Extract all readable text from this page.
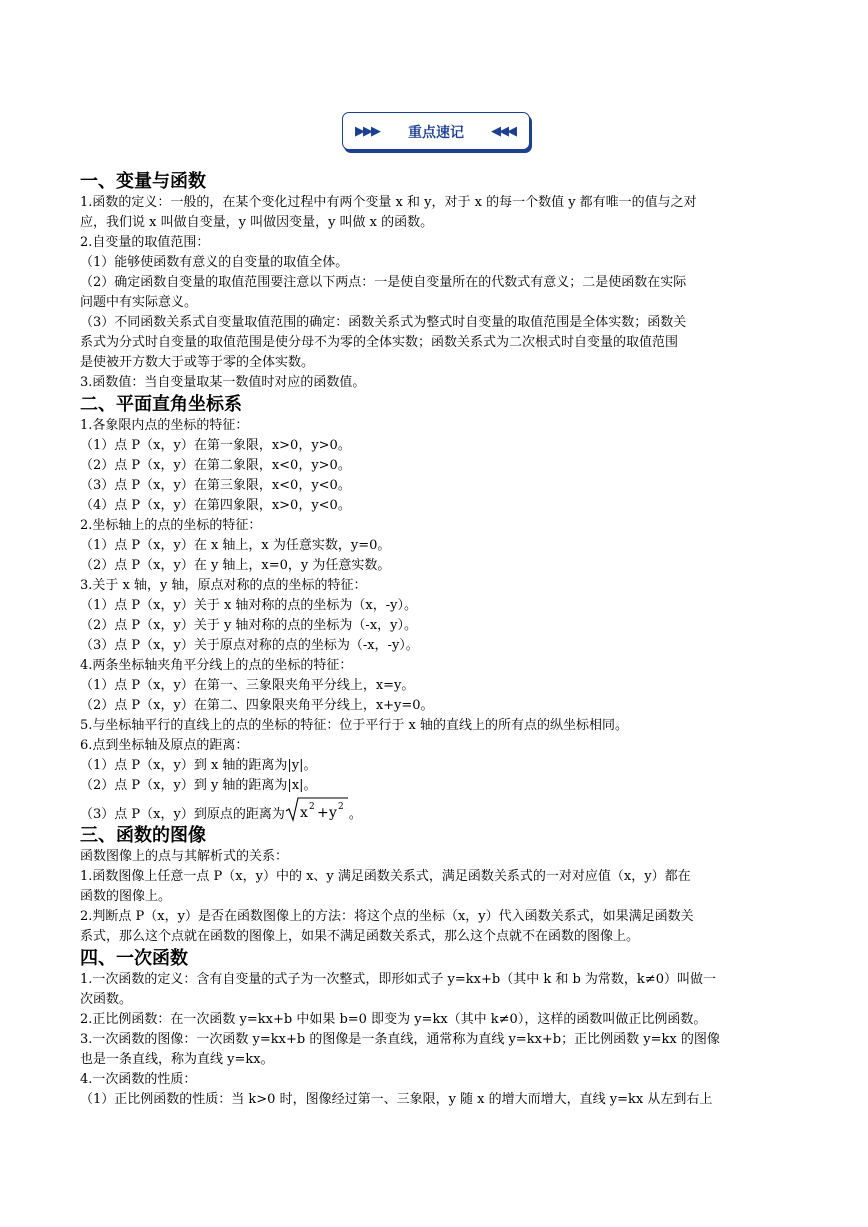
▶▶▶	重点速记	◀◀◀
一、变量与函数

1.函数的定义：一般的，在某个变化过程中有两个变量 x 和 y，对于 x 的每一个数值 y 都有唯一的值与之对

应，我们说 x 叫做自变量，y 叫做因变量，y 叫做 x 的函数。

2.自变量的取值范围：

（1）能够使函数有意义的自变量的取值全体。

（2）确定函数自变量的取值范围要注意以下两点：一是使自变量所在的代数式有意义；二是使函数在实际

问题中有实际意义。

（3）不同函数关系式自变量取值范围的确定：函数关系式为整式时自变量的取值范围是全体实数；函数关

系式为分式时自变量的取值范围是使分母不为零的全体实数；函数关系式为二次根式时自变量的取值范围

是使被开方数大于或等于零的全体实数。

3.函数值：当自变量取某一数值时对应的函数值。

二、平面直角坐标系

1.各象限内点的坐标的特征：

（1）点 P（x，y）在第一象限，x>0，y>0。

（2）点 P（x，y）在第二象限，x<0，y>0。

（3）点 P（x，y）在第三象限，x<0，y<0。

（4）点 P（x，y）在第四象限，x>0，y<0。

2.坐标轴上的点的坐标的特征：

（1）点 P（x，y）在 x 轴上，x 为任意实数，y=0。

（2）点 P（x，y）在 y 轴上，x=0，y 为任意实数。

3.关于 x 轴，y 轴，原点对称的点的坐标的特征：

（1）点 P（x，y）关于 x 轴对称的点的坐标为（x，-y）。

（2）点 P（x，y）关于 y 轴对称的点的坐标为（-x，y）。

（3）点 P（x，y）关于原点对称的点的坐标为（-x，-y）。

4.两条坐标轴夹角平分线上的点的坐标的特征：

（1）点 P（x，y）在第一、三象限夹角平分线上，x=y。

（2）点 P（x，y）在第二、四象限夹角平分线上，x+y=0。

5.与坐标轴平行的直线上的点的坐标的特征：位于平行于 x 轴的直线上的所有点的纵坐标相同。

6.点到坐标轴及原点的距离：

（1）点 P（x，y）到 x 轴的距离为|y|。

（2）点 P（x，y）到 y 轴的距离为|x|。

（3）点 P（x，y）到原点的距离为 x 2 + y 2 。

三、函数的图像

函数图像上的点与其解析式的关系：

1.函数图像上任意一点 P（x，y）中的 x、y 满足函数关系式，满足函数关系式的一对对应值（x，y）都在

函数的图像上。

2.判断点 P（x，y）是否在函数图像上的方法：将这个点的坐标（x，y）代入函数关系式，如果满足函数关

系式，那么这个点就在函数的图像上，如果不满足函数关系式，那么这个点就不在函数的图像上。

四、一次函数

1.一次函数的定义：含有自变量的式子为一次整式，即形如式子 y=kx+b（其中 k 和 b 为常数，k≠0）叫做一

次函数。

2.正比例函数：在一次函数 y=kx+b 中如果 b=0 即变为 y=kx（其中 k≠0），这样的函数叫做正比例函数。

3.一次函数的图像：一次函数 y=kx+b 的图像是一条直线，通常称为直线 y=kx+b；正比例函数 y=kx 的图像

也是一条直线，称为直线 y=kx。

4.一次函数的性质：

（1）正比例函数的性质：当 k>0 时，图像经过第一、三象限，y 随 x 的增大而增大，直线 y=kx 从左到右上
